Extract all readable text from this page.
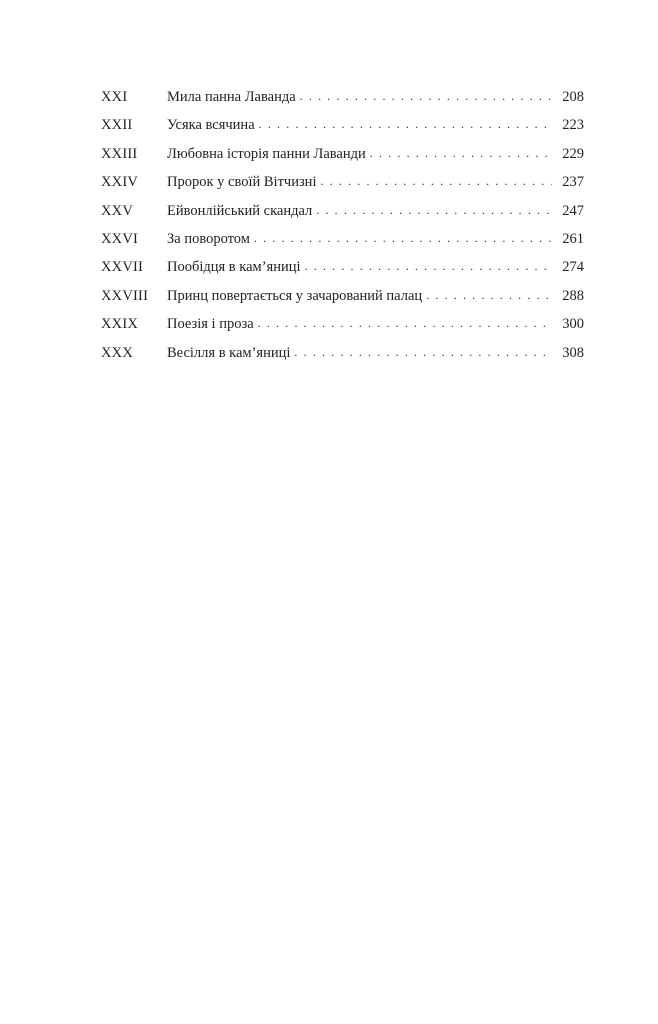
XXI	Мила панна Лаванда . . .	208
XXII	Усяка всячина . . .	223
XXIII	Любовна історія панни Лаванди . . .	229
XXIV	Пророк у своїй Вітчизні . . .	237
XXV	Ейвонлійський скандал . . .	247
XXVI	За поворотом . . .	261
XXVII	Пообідця в кам’яниці . . .	274
XXVIII	Принц повертається у зачарований палац . . .	288
XXIX	Поезія і проза . . .	300
XXX	Весілля в кам’яниці . . .	308
